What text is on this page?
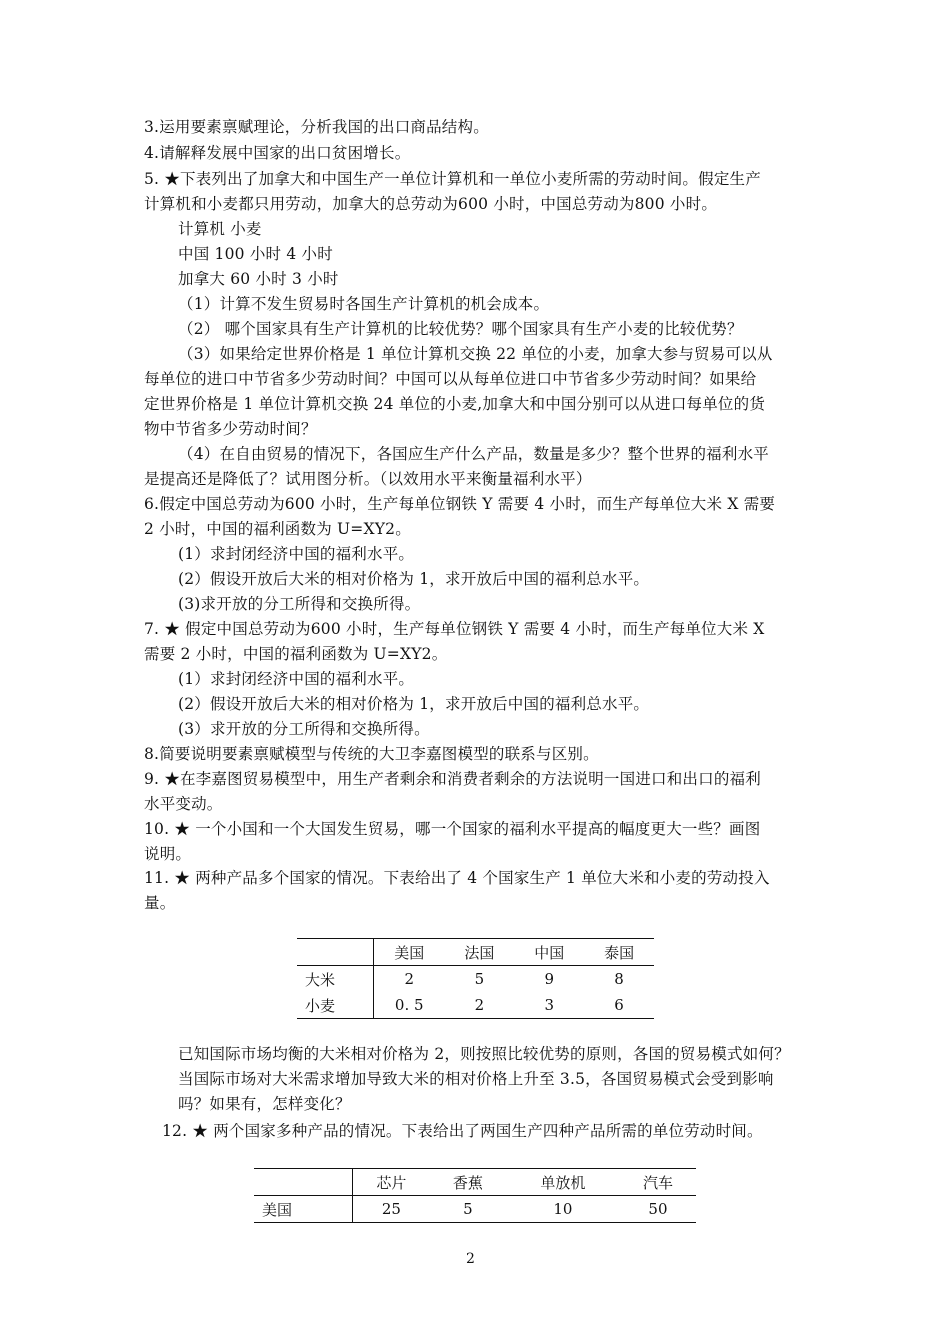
3.运用要素禀赋理论，分析我国的出口商品结构。
4.请解释发展中国家的出口贫困增长。
5. ★下表列出了加拿大和中国生产一单位计算机和一单位小麦所需的劳动时间。假定生产
计算机和小麦都只用劳动，加拿大的总劳动为600 小时，中国总劳动为800 小时。
计算机 小麦
中国 100 小时 4 小时
加拿大 60 小时 3 小时
（1）计算不发生贸易时各国生产计算机的机会成本。
（2） 哪个国家具有生产计算机的比较优势？哪个国家具有生产小麦的比较优势？
（3）如果给定世界价格是 1 单位计算机交换 22 单位的小麦，加拿大参与贸易可以从
每单位的进口中节省多少劳动时间？中国可以从每单位进口中节省多少劳动时间？如果给
定世界价格是 1 单位计算机交换 24 单位的小麦,加拿大和中国分别可以从进口每单位的货
物中节省多少劳动时间？
（4）在自由贸易的情况下，各国应生产什么产品，数量是多少？整个世界的福利水平
是提高还是降低了？试用图分析。（以效用水平来衡量福利水平）
6.假定中国总劳动为600 小时，生产每单位钢铁 Y 需要 4 小时，而生产每单位大米 X 需要
2 小时，中国的福利函数为 U=XY2。
(1）求封闭经济中国的福利水平。
(2）假设开放后大米的相对价格为 1，求开放后中国的福利总水平。
(3)求开放的分工所得和交换所得。
7. ★ 假定中国总劳动为600 小时，生产每单位钢铁 Y 需要 4 小时，而生产每单位大米 X
需要 2 小时，中国的福利函数为 U=XY2。
(1）求封闭经济中国的福利水平。
(2）假设开放后大米的相对价格为 1，求开放后中国的福利总水平。
(3）求开放的分工所得和交换所得。
8.简要说明要素禀赋模型与传统的大卫李嘉图模型的联系与区别。
9. ★在李嘉图贸易模型中，用生产者剩余和消费者剩余的方法说明一国进口和出口的福利
水平变动。
10. ★ 一个小国和一个大国发生贸易，哪一个国家的福利水平提高的幅度更大一些？画图
说明。
11. ★ 两种产品多个国家的情况。下表给出了 4 个国家生产 1 单位大米和小麦的劳动投入
量。
	美国	法国	中国	泰国
大米	2	5	9	8
小麦	0. 5	2	3	6
已知国际市场均衡的大米相对价格为 2，则按照比较优势的原则，各国的贸易模式如何？
当国际市场对大米需求增加导致大米的相对价格上升至 3.5，各国贸易模式会受到影响
吗？如果有，怎样变化？
12. ★ 两个国家多种产品的情况。下表给出了两国生产四种产品所需的单位劳动时间。
	芯片	香蕉	单放机	汽车
美国	25	5	10	50
2
